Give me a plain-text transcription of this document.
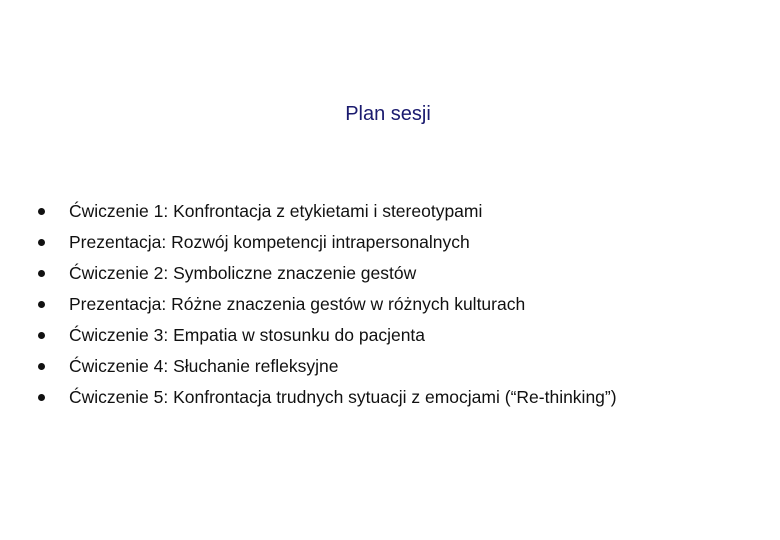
Plan sesji
Ćwiczenie 1: Konfrontacja z etykietami i stereotypami
Prezentacja: Rozwój kompetencji intrapersonalnych
Ćwiczenie 2: Symboliczne znaczenie gestów
Prezentacja: Różne znaczenia gestów w różnych kulturach
Ćwiczenie 3: Empatia w stosunku do pacjenta
Ćwiczenie 4: Słuchanie refleksyjne
Ćwiczenie 5: Konfrontacja trudnych sytuacji z emocjami (“Re-thinking”)
